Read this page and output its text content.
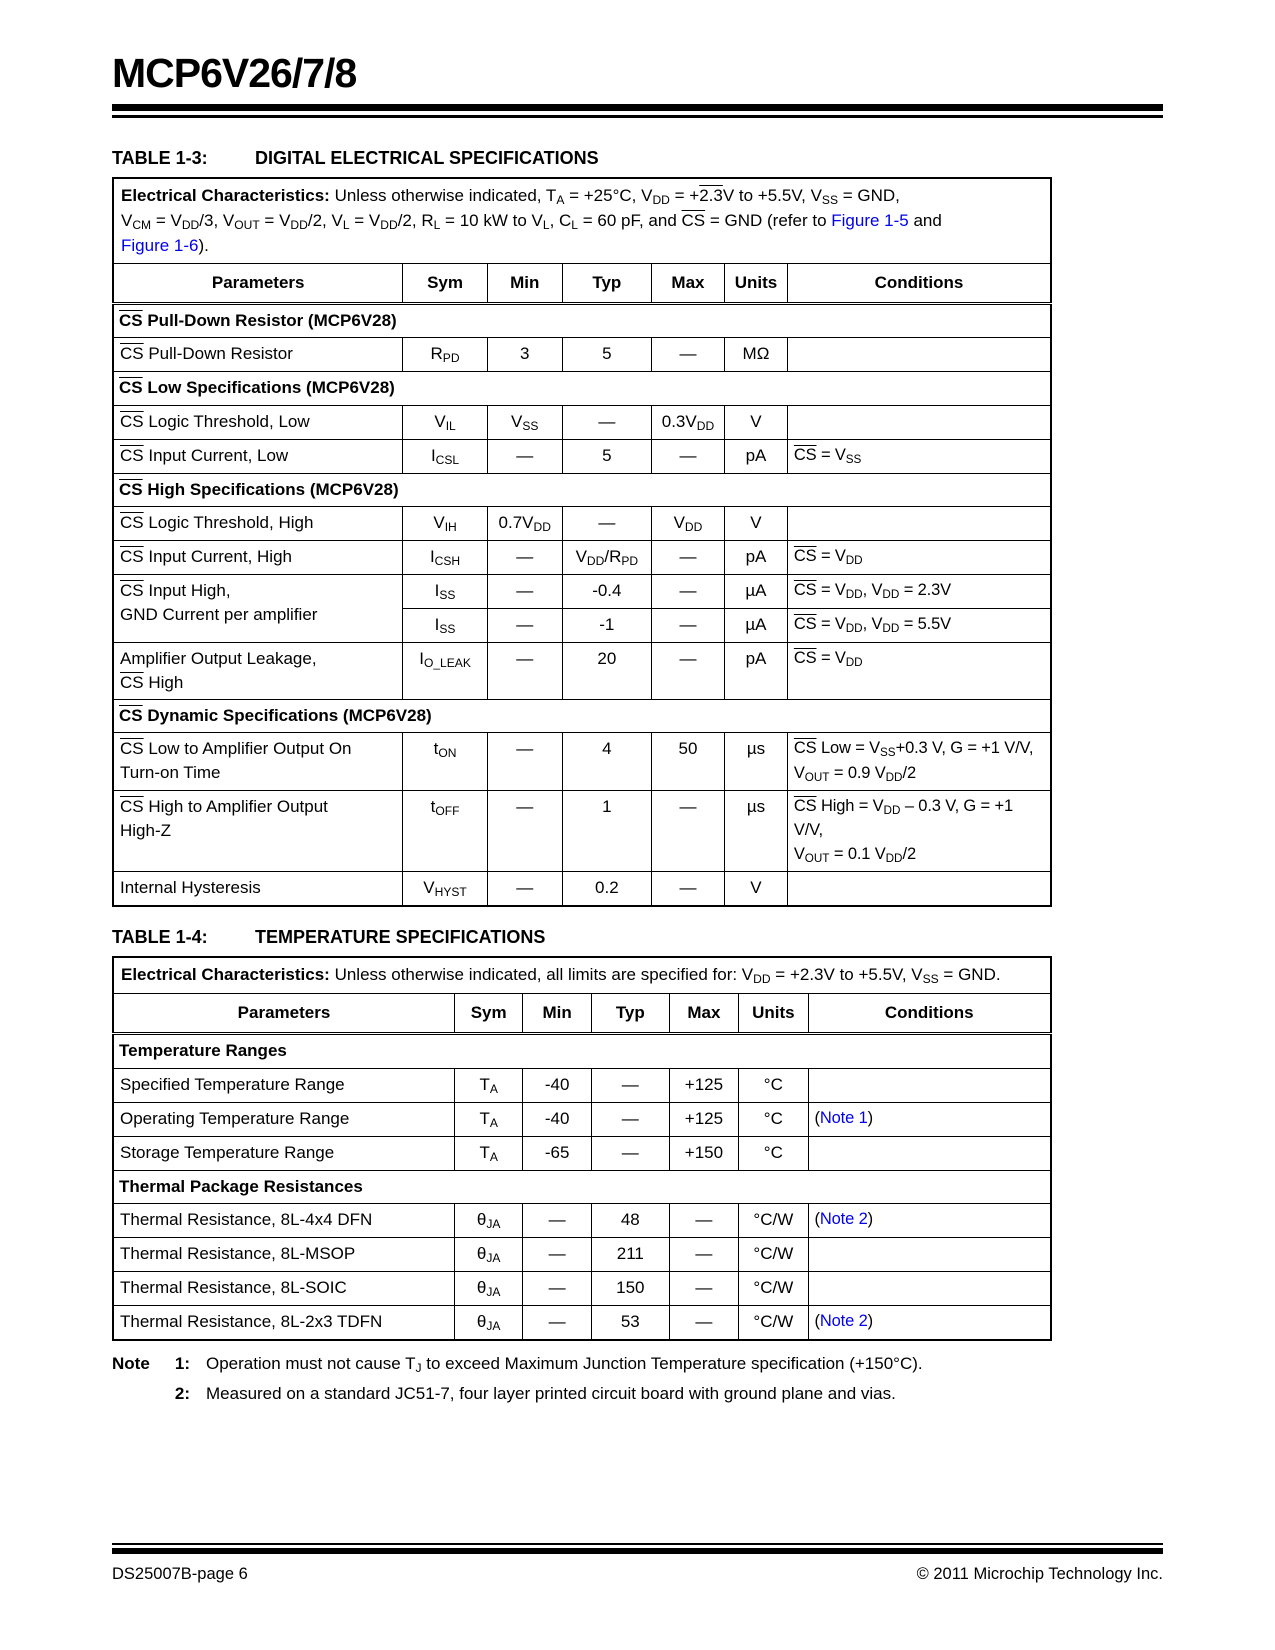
MCP6V26/7/8
TABLE 1-3:	DIGITAL ELECTRICAL SPECIFICATIONS
Electrical Characteristics: Unless otherwise indicated, $T_A = +25^\circ C$, $V_{DD} = +2.3V$ to +5.5V, $V_{SS}$ = GND,
$V_{CM} = V_{DD}/3$, $V_{OUT} = V_{DD}/2$, $V_L = V_{DD}/2$, $R_L = 10$ kW to $V_L$, $C_L = 60$ pF, and $\overline{CS}$ = GND (refer to Figure 1-5 and
Figure 1-6).						
Parameters	Sym	Min	Typ	Max	Units	Conditions
$\overline{CS}$ Pull-Down Resistor (MCP6V28)						
$\overline{CS}$ Pull-Down Resistor	$R_{PD}$	3	5	—	MΩ	
$\overline{CS}$ Low Specifications (MCP6V28)						
$\overline{CS}$ Logic Threshold, Low	$V_{IL}$	$V_{SS}$	—	$0.3V_{DD}$	V	
$\overline{CS}$ Input Current, Low	$I_{CSL}$	—	5	—	pA	$\overline{CS} = V_{SS}$
$\overline{CS}$ High Specifications (MCP6V28)						
$\overline{CS}$ Logic Threshold, High	$V_{IH}$	$0.7V_{DD}$	—	$V_{DD}$	V	
$\overline{CS}$ Input Current, High	$I_{CSH}$	—	$V_{DD}/R_{PD}$	—	pA	$\overline{CS} = V_{DD}$
$\overline{CS}$ Input High,
GND Current per amplifier	$I_{SS}$	—	-0.4	—	µA	$\overline{CS} = V_{DD}$, $V_{DD} = 2.3V$
	$I_{SS}$	—	-1	—	µA	$\overline{CS} = V_{DD}$, $V_{DD} = 5.5V$
Amplifier Output Leakage,
$\overline{CS}$ High	$I_{O\_LEAK}$	—	20	—	pA	$\overline{CS} = V_{DD}$
$\overline{CS}$ Dynamic Specifications (MCP6V28)						
$\overline{CS}$ Low to Amplifier Output On
Turn-on Time	$t_{ON}$	—	4	50	µs	$\overline{CS}$ Low = $V_{SS}+0.3$ V, G = +1 V/V,
$V_{OUT} = 0.9$ $V_{DD}/2$
$\overline{CS}$ High to Amplifier Output
High-Z	$t_{OFF}$	—	1	—	µs	$\overline{CS}$ High = $V_{DD} - 0.3$ V, G = +1 V/V,
$V_{OUT} = 0.1$ $V_{DD}/2$
Internal Hysteresis	$V_{HYST}$	—	0.2	—	V	
TABLE 1-4:	TEMPERATURE SPECIFICATIONS
Electrical Characteristics: Unless otherwise indicated, all limits are specified for: $V_{DD} = +2.3V$ to +5.5V, $V_{SS}$ = GND.						
Parameters	Sym	Min	Typ	Max	Units	Conditions
Temperature Ranges						
Specified Temperature Range	$T_A$	-40	—	+125	°C	
Operating Temperature Range	$T_A$	-40	—	+125	°C	(Note 1)
Storage Temperature Range	$T_A$	-65	—	+150	°C	
Thermal Package Resistances						
Thermal Resistance, 8L-4x4 DFN	$\theta_{JA}$	—	48	—	°C/W	(Note 2)
Thermal Resistance, 8L-MSOP	$\theta_{JA}$	—	211	—	°C/W	
Thermal Resistance, 8L-SOIC	$\theta_{JA}$	—	150	—	°C/W	
Thermal Resistance, 8L-2x3 TDFN	$\theta_{JA}$	—	53	—	°C/W	(Note 2)
Note	1: Operation must not cause $T_J$ to exceed Maximum Junction Temperature specification (+150°C).
2: Measured on a standard JC51-7, four layer printed circuit board with ground plane and vias.
DS25007B-page 6	© 2011 Microchip Technology Inc.
